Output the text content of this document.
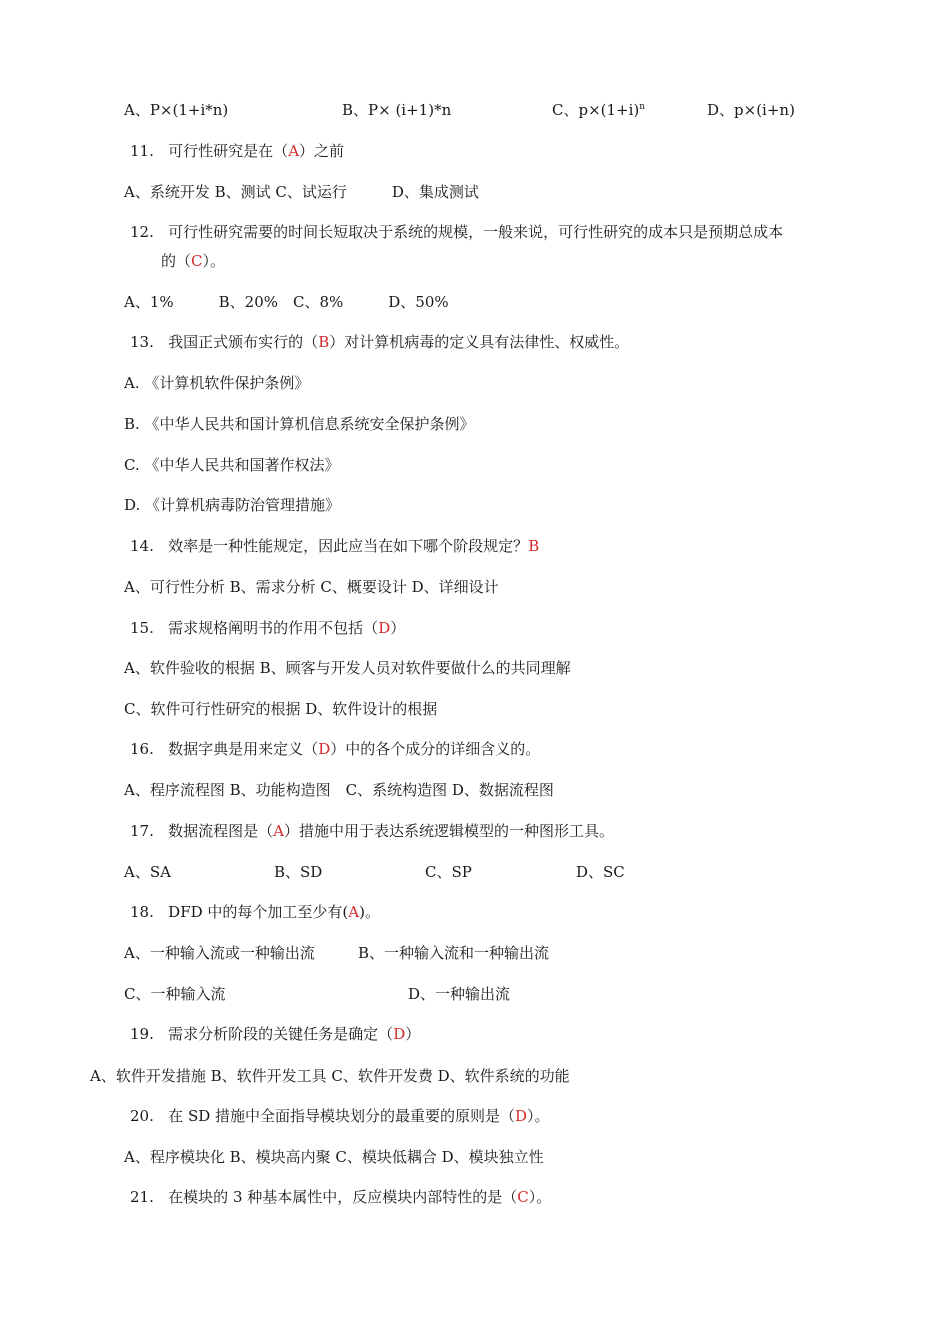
A、P×(1+i*n)	B、P× (i+1)*n	C、$p\times(1+i)^n$	D、p×(i+n)
11. 可行性研究是在（A）之前
A、系统开发 B、测试 C、试运行　　　D、集成测试
12. 可行性研究需要的时间长短取决于系统的规模，一般来说，可行性研究的成本只是预期总成本
的（C）。
A、1%　　　B、20%　C、8%　　　D、50%
13. 我国正式颁布实行的（B）对计算机病毒的定义具有法律性、权威性。
A. 《计算机软件保护条例》
B. 《中华人民共和国计算机信息系统安全保护条例》
C. 《中华人民共和国著作权法》
D. 《计算机病毒防治管理措施》
14. 效率是一种性能规定，因此应当在如下哪个阶段规定？B
A、可行性分析 B、需求分析 C、概要设计 D、详细设计
15. 需求规格阐明书的作用不包括（D）
A、软件验收的根据 B、顾客与开发人员对软件要做什么的共同理解
C、软件可行性研究的根据 D、软件设计的根据
16. 数据字典是用来定义（D）中的各个成分的详细含义的。
A、程序流程图 B、功能构造图　C、系统构造图 D、数据流程图
17. 数据流程图是（A）措施中用于表达系统逻辑模型的一种图形工具。
A、SA	B、SD	C、SP	D、SC
18. DFD 中的每个加工至少有(A)。
A、一种输入流或一种输出流	B、一种输入流和一种输出流
C、一种输入流	D、一种输出流
19. 需求分析阶段的关键任务是确定（D）
A、软件开发措施 B、软件开发工具 C、软件开发费 D、软件系统的功能
20. 在 SD 措施中全面指导模块划分的最重要的原则是（D）。
A、程序模块化 B、模块高内聚 C、模块低耦合 D、模块独立性
21. 在模块的 3 种基本属性中，反应模块内部特性的是（C）。
